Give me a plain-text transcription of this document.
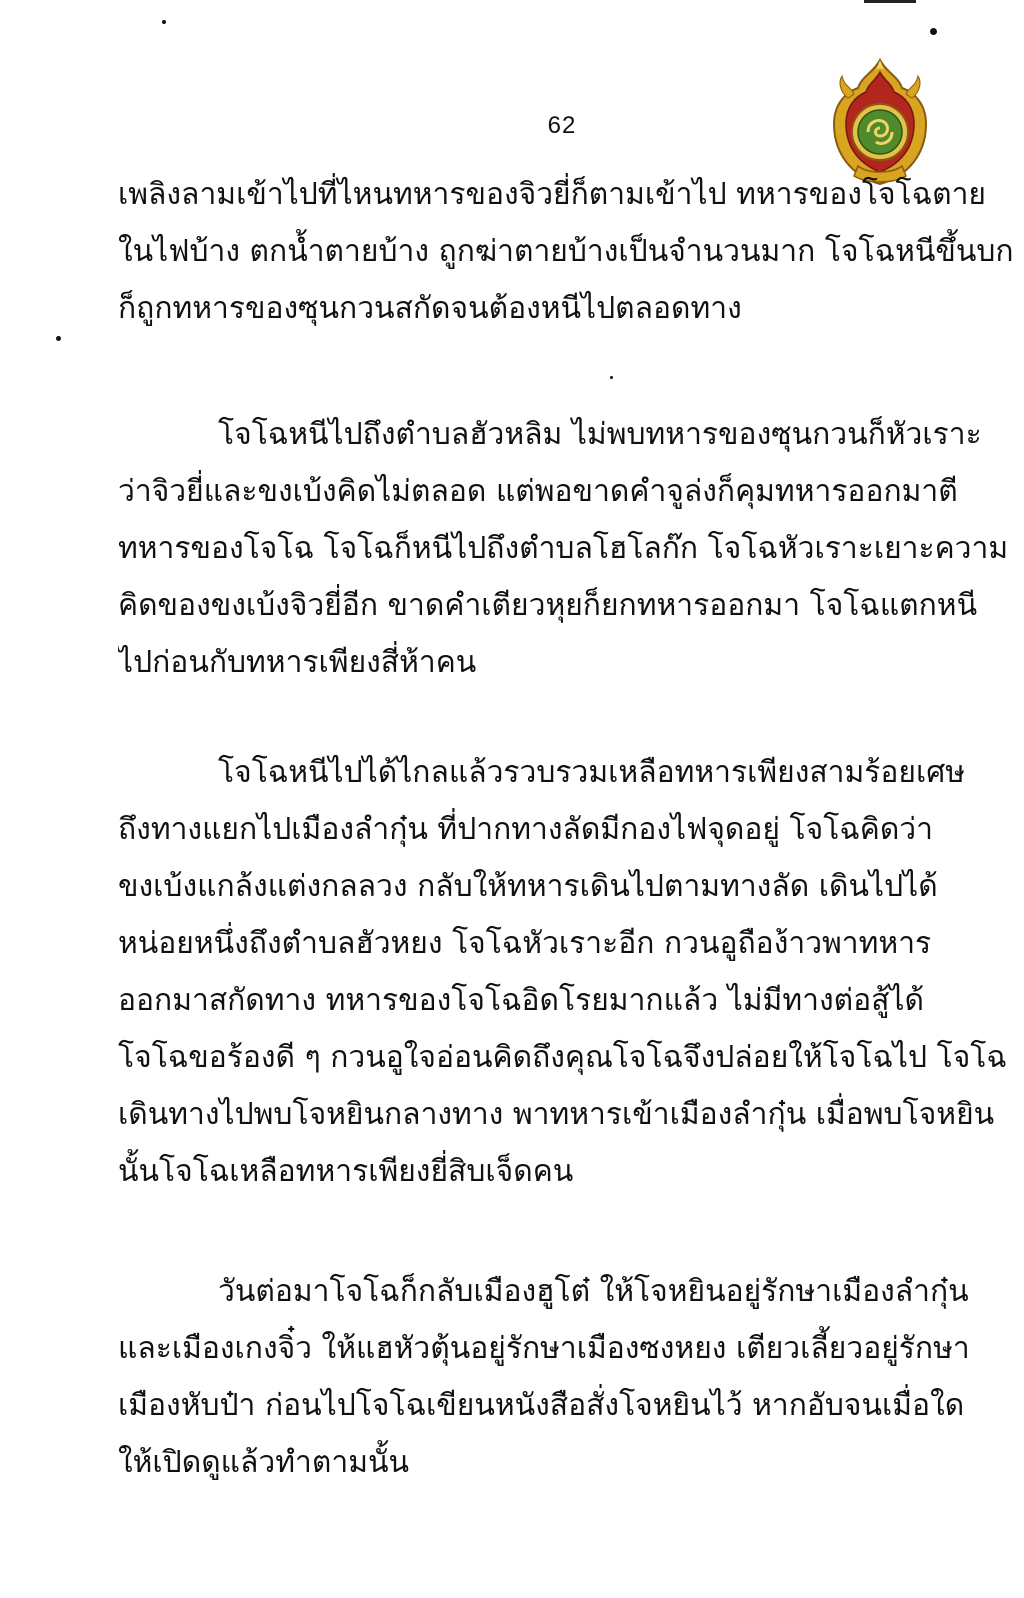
62

เพลิงลามเข้าไปที่ไหนทหารของจิวยี่ก็ตามเข้าไป ทหารของโจโฉตาย
ในไฟบ้าง ตกน้ำตายบ้าง ถูกฆ่าตายบ้างเป็นจำนวนมาก โจโฉหนีขึ้นบก
ก็ถูกทหารของซุนกวนสกัดจนต้องหนีไปตลอดทาง

โจโฉหนีไปถึงตำบลฮัวหลิม ไม่พบทหารของซุนกวนก็หัวเราะ
ว่าจิวยี่และขงเบ้งคิดไม่ตลอด แต่พอขาดคำจูล่งก็คุมทหารออกมาตี
ทหารของโจโฉ โจโฉก็หนีไปถึงตำบลโฮโลก๊ก โจโฉหัวเราะเยาะความ
คิดของขงเบ้งจิวยี่อีก ขาดคำเตียวหุยก็ยกทหารออกมา โจโฉแตกหนี
ไปก่อนกับทหารเพียงสี่ห้าคน

โจโฉหนีไปได้ไกลแล้วรวบรวมเหลือทหารเพียงสามร้อยเศษ
ถึงทางแยกไปเมืองลำกุ๋น ที่ปากทางลัดมีกองไฟจุดอยู่ โจโฉคิดว่า
ขงเบ้งแกล้งแต่งกลลวง กลับให้ทหารเดินไปตามทางลัด เดินไปได้
หน่อยหนึ่งถึงตำบลฮัวหยง โจโฉหัวเราะอีก กวนอูถือง้าวพาทหาร
ออกมาสกัดทาง ทหารของโจโฉอิดโรยมากแล้ว ไม่มีทางต่อสู้ได้
โจโฉขอร้องดี ๆ กวนอูใจอ่อนคิดถึงคุณโจโฉจึงปล่อยให้โจโฉไป โจโฉ
เดินทางไปพบโจหยินกลางทาง พาทหารเข้าเมืองลำกุ๋น เมื่อพบโจหยิน
นั้นโจโฉเหลือทหารเพียงยี่สิบเจ็ดคน

วันต่อมาโจโฉก็กลับเมืองฮูโต๋ ให้โจหยินอยู่รักษาเมืองลำกุ๋น
และเมืองเกงจิ๋ว ให้แฮหัวตุ้นอยู่รักษาเมืองซงหยง เตียวเลี้ยวอยู่รักษา
เมืองหับป๋า ก่อนไปโจโฉเขียนหนังสือสั่งโจหยินไว้ หากอับจนเมื่อใด
ให้เปิดดูแล้วทำตามนั้น
